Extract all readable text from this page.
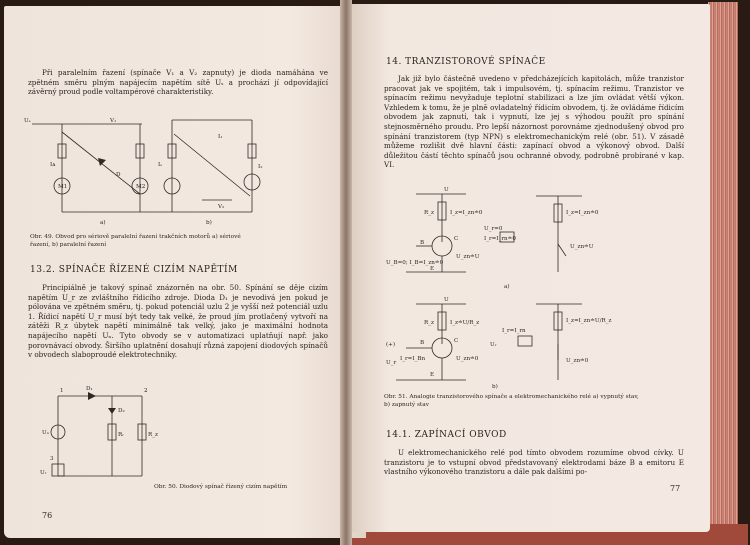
Při paralelním řazení (spínače V₁ a V₂ zapnuty) je dioda namáhána ve zpětném směru plným napájecím napětím sítě Uₛ a prochází jí odpovídající závěrný proud podle voltampérové charakteristiky.

Uₛ	V₁
V₂
D
M1	M2
Iᴀ
I₁
I₂
Iₛ
a)	b)

Obr. 49. Obvod pro sériově paralelní řazení trakčních motorů a) sériové řazení, b) paralelní řazení

13.2. SPÍNAČE ŘÍZENÉ CIZÍM NAPĚTÍM

Principiálně je takový spínač znázorněn na obr. 50. Spínání se děje cizím napětím U_r ze zvláštního řídicího zdroje. Dioda D₁ je nevodivá jen pokud je pólována ve zpětném směru, tj. pokud potenciál uzlu 2 je vyšší než potenciál uzlu 1. Řídicí napětí U_r musí být tedy tak velké, že proud jím protlačený vytvoří na zátěži R_z úbytek napětí minimálně tak velký, jako je maximální hodnota napájecího napětí Uₙ. Tyto obvody se v automatizaci uplatňují např. jako porovnávací obvody. Širšího uplatnění dosahují různá zapojení diodových spínačů v obvodech slaboproudé elektrotechniky.

1	2
D₁
D₂
Uₙ	Rᵣ	R_z
Uᵣ
3

Obr. 50. Diodový spínač řízený cizím napětím

76

14. TRANZISTOROVÉ SPÍNAČE

Jak již bylo částečně uvedeno v předcházejících kapitolách, může tranzistor pracovat jak ve spojitém, tak i impulsovém, tj. spínacím režimu. Tranzistor ve spínacím režimu nevyžaduje teplotní stabilizaci a lze jím ovládat větší výkon. Vzhledem k tomu, že je plně ovladatelný řídicím obvodem, tj. že ovládáme řídicím obvodem jak zapnutí, tak i vypnutí, lze jej s výhodou použít pro spínání stejnosměrného proudu. Pro lepší názornost porovnáme zjednodušený obvod pro spínání tranzistorem (typ NPN) s elektromechanickým relé (obr. 51). V zásadě můžeme rozlišit dvě hlavní části: zapínací obvod a výkonový obvod. Další důležitou částí těchto spínačů jsou ochranné obvody, podrobně probírané v kap. VI.

U
R_z	I_z=I_zn≐0
B
C
E
U_B=0; I_B=I_zn≐0
U_zn≐U
U_r=0
I_r=I_rn≐0
I_z=I_zn≐0
U_zn≐U
a)
U
R_z	I_z≐U/R_z
C
B
E
(+)
U_r
I_r=I_Bn	U_zn≐0
Uᵣ
I_r=I_rn
I_z=I_zn≐U/R_z
U_zn≐0
b)

Obr. 51. Analogie tranzistorového spínače a elektromechanického relé a) vypnutý stav, b) zapnutý stav

14.1. ZAPÍNACÍ OBVOD

U elektromechanického relé pod tímto obvodem rozumíme obvod cívky. U tranzistoru je to vstupní obvod představovaný elektrodami báze B a emitoru E vlastního výkonového tranzistoru a dále pak dalšími po-

77
